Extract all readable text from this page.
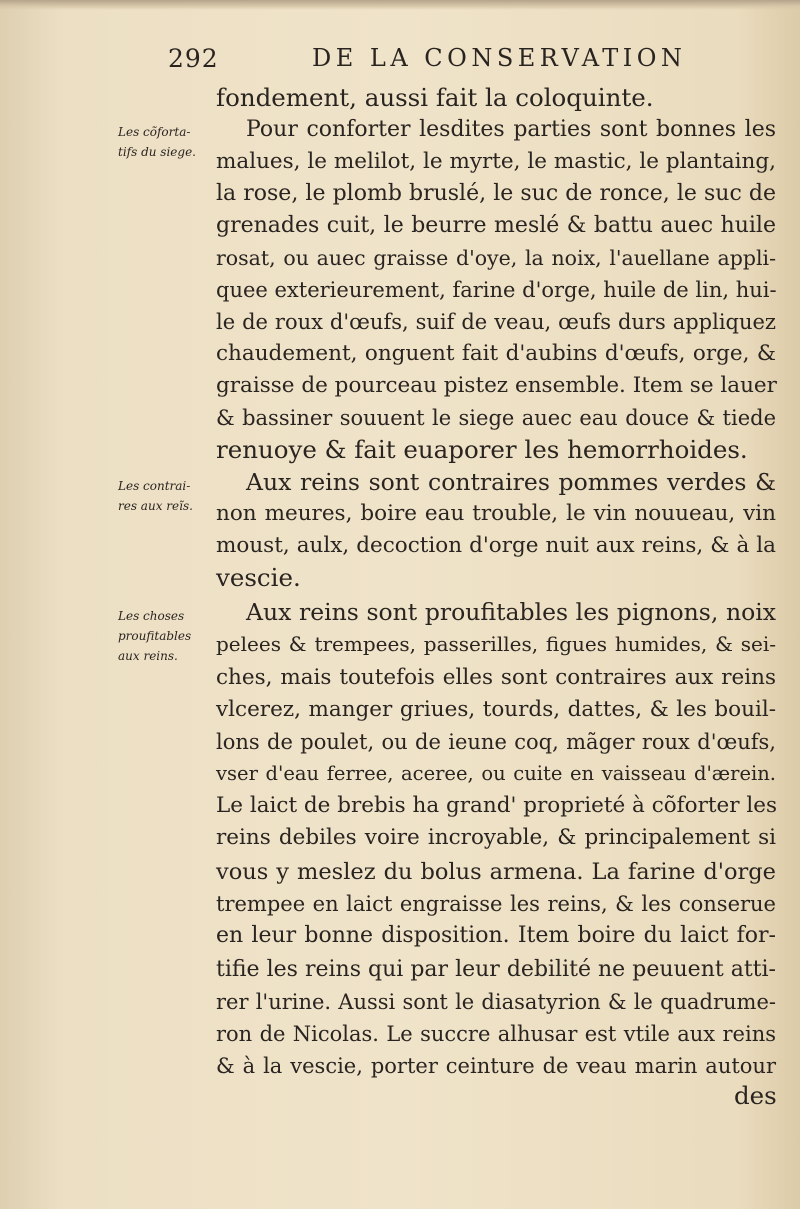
292	DE LA CONSERVATION
Les cõforta-
tifs du siege.
Les contrai-
res aux reĩs.
Les choses
proufitables
aux reins.
fondement, aussi fait la coloquinte.
Pour conforter lesdites parties sont bonnes les
malues, le melilot, le myrte, le mastic, le plantaing,
la rose, le plomb bruslé, le suc de ronce, le suc de
grenades cuit, le beurre meslé & battu auec huile
rosat, ou auec graisse d'oye, la noix, l'auellane appli-
quee exterieurement, farine d'orge, huile de lin, hui-
le de roux d'œufs, suif de veau, œufs durs appliquez
chaudement, onguent fait d'aubins d'œufs, orge, &
graisse de pourceau pistez ensemble. Item se lauer
& bassiner souuent le siege auec eau douce & tiede
renuoye & fait euaporer les hemorrhoides.
Aux reins sont contraires pommes verdes &
non meures, boire eau trouble, le vin nouueau, vin
moust, aulx, decoction d'orge nuit aux reins, & à la
vescie.
Aux reins sont proufitables les pignons, noix
pelees & trempees, passerilles, figues humides, & sei-
ches, mais toutefois elles sont contraires aux reins
vlcerez, manger griues, tourds, dattes, & les bouil-
lons de poulet, ou de ieune coq, mãger roux d'œufs,
vser d'eau ferree, aceree, ou cuite en vaisseau d'ærein.
Le laict de brebis ha grand' proprieté à cõforter les
reins debiles voire incroyable, & principalement si
vous y meslez du bolus armena. La farine d'orge
trempee en laict engraisse les reins, & les conserue
en leur bonne disposition. Item boire du laict for-
tifie les reins qui par leur debilité ne peuuent atti-
rer l'urine. Aussi sont le diasatyrion & le quadrume-
ron de Nicolas. Le succre alhusar est vtile aux reins
& à la vescie, porter ceinture de veau marin autour
des
